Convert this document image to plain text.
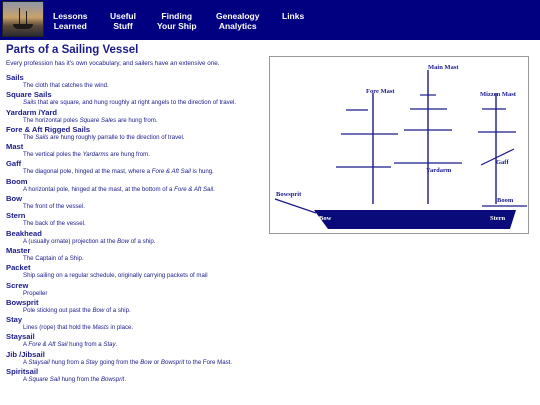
Lessons
Learned
Useful
Stuff
Finding
Your Ship
Genealogy
Analytics
Links
Parts of a Sailing Vessel
Every profession has it's own vocabulary, and sailers have an extensive one.
Sails
The cloth that catches the wind.
Square Sails
Sails that are square, and hung roughly at right angels to the direction of travel.
Yardarm /Yard
The horizontal poles Square Sales are hung from.
Fore & Aft Rigged Sails
The Sails are hung roughly parralle to the direction of travel.
Mast
The vertical poles the Yardarms are hung from.
Gaff
The diagonal pole, hinged at the mast, where a Fore & Aft Sail is hung.
Boom
A horizontal pole, hinged at the mast, at the bottom of a Fore & Aft Sail.
Bow
The front of the vessel.
Stern
The back of the vessel.
Beakhead
A (usually ornate) projection at the Bow of a ship.
Master
The Captain of a Ship.
Packet
Ship sailing on a regular schedule, originally carrying packets of mail
Screw
Propeller
Bowsprit
Pole sticking out past the Bow of a ship.
Stay
Lines (rope) that hold the Masts in place.
Staysail
A Fore & Aft Sail hung from a Stay.
Jib /Jibsail
A Staysail hung from a Stay going from the Bow or Bowsprit to the Fore Mast.
Spiritsail
A Square Sail hung from the Bowsprit.
Main Mast
Fore Mast	Mizzen Mast
Yardarm
Gaff
Bowsprit
Boom
Bow	Stern
